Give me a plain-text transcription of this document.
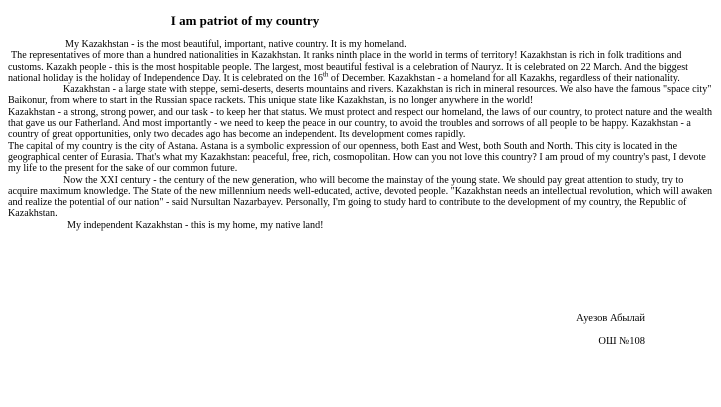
I am patriot of my country

My Kazakhstan - is the most beautiful, important, native country. It is my homeland.

The representatives of more than a hundred nationalities in Kazakhstan. It ranks ninth place in the world in terms of territory! Kazakhstan is rich in folk traditions and customs. Kazakh people - this is the most hospitable people. The largest, most beautiful festival is a celebration of Nauryz. It is celebrated on 22 March. And the biggest national holiday is the holiday of Independence Day. It is celebrated on the 16th of December. Kazakhstan - a homeland for all Kazakhs, regardless of their nationality.

Kazakhstan - a large state with steppe, semi-deserts, deserts mountains and rivers. Kazakhstan is rich in mineral resources. We also have the famous "space city" Baikonur, from where to start in the Russian space rackets. This unique state like Kazakhstan, is no longer anywhere in the world!

Kazakhstan - a strong, strong power, and our task - to keep her that status. We must protect and respect our homeland, the laws of our country, to protect nature and the wealth that gave us our Fatherland. And most importantly - we need to keep the peace in our country, to avoid the troubles and sorrows of all people to be happy. Kazakhstan - a country of great opportunities, only two decades ago has become an independent. Its development comes rapidly.

The capital of my country is the city of Astana. Astana is a symbolic expression of our openness, both East and West, both South and North. This city is located in the geographical center of Eurasia. That's what my Kazakhstan: peaceful, free, rich, cosmopolitan. How can you not love this country? I am proud of my country's past, I devote my life to the present for the sake of our common future.

Now the XXI century - the century of the new generation, who will become the mainstay of the young state. We should pay great attention to study, try to acquire maximum knowledge. The State of the new millennium needs well-educated, active, devoted people. "Kazakhstan needs an intellectual revolution, which will awaken and realize the potential of our nation" - said Nursultan Nazarbayev. Personally, I'm going to study hard to contribute to the development of my country, the Republic of Kazakhstan.

My independent Kazakhstan - this is my home, my native land!

Ауезов Абылай
ОШ №108
